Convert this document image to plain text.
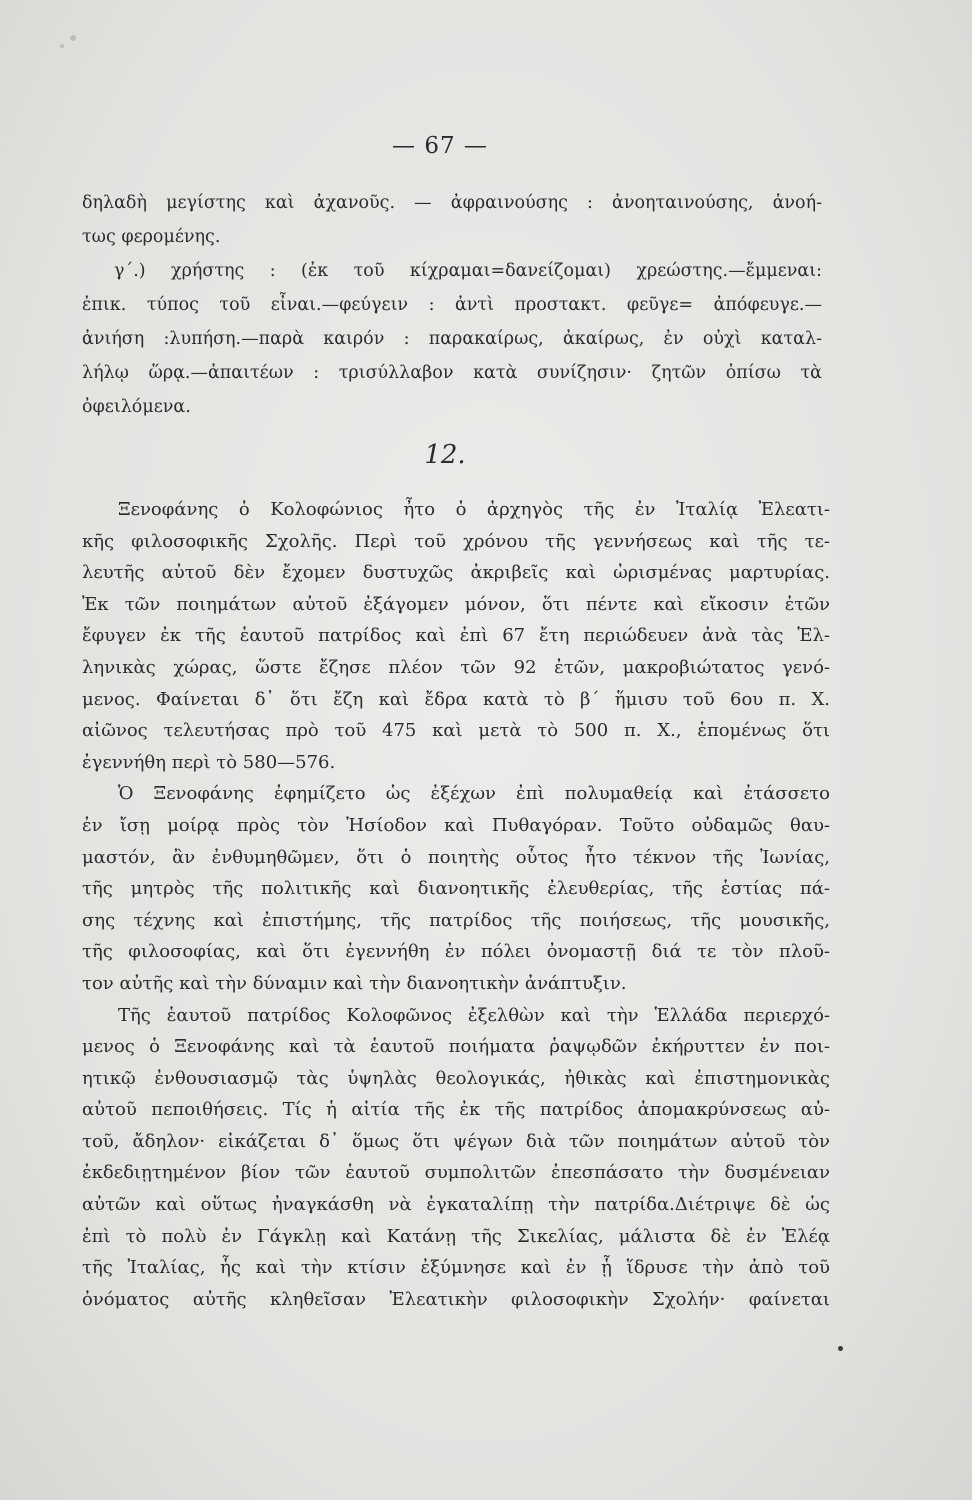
— 67 —
δηλαδὴ μεγίστης καὶ ἀχανοῦς. — ἀφραινούσης : ἀνοηταινούσης, ἀνοή-
τως φερομένης.
γ΄.) χρήστης : (ἐκ τοῦ κίχραμαι=δανείζομαι) χρεώστης.—ἔμμεναι:
ἐπικ. τύπος τοῦ εἶναι.—φεύγειν : ἀντὶ προστακτ. φεῦγε= ἀπόφευγε.—
ἀνιήση :λυπήση.—παρὰ καιρόν : παρακαίρως, ἀκαίρως, ἐν οὐχὶ καταλ-
λήλῳ ὥρᾳ.—ἀπαιτέων : τρισύλλαβον κατὰ συνίζησιν· ζητῶν ὀπίσω τὰ
ὀφειλόμενα.
12.
Ξενοφάνης ὁ Κολοφώνιος ἦτο ὁ ἀρχηγὸς τῆς ἐν Ἰταλίᾳ Ἐλεατι-
κῆς φιλοσοφικῆς Σχολῆς. Περὶ τοῦ χρόνου τῆς γεννήσεως καὶ τῆς τε-
λευτῆς αὐτοῦ δὲν ἔχομεν δυστυχῶς ἀκριβεῖς καὶ ὡρισμένας μαρτυρίας.
Ἐκ τῶν ποιημάτων αὐτοῦ ἐξάγομεν μόνον, ὅτι πέντε καὶ εἴκοσιν ἐτῶν
ἔφυγεν ἐκ τῆς ἑαυτοῦ πατρίδος καὶ ἐπὶ 67 ἔτη περιώδευεν ἀνὰ τὰς Ἑλ-
ληνικὰς χώρας, ὥστε ἔζησε πλέον τῶν 92 ἐτῶν, μακροβιώτατος γενό-
μενος. Φαίνεται δ᾽ ὅτι ἔζη καὶ ἔδρα κατὰ τὸ β΄ ἥμισυ τοῦ 6ου π. Χ.
αἰῶνος τελευτήσας πρὸ τοῦ 475 καὶ μετὰ τὸ 500 π. Χ., ἑπομένως ὅτι
ἐγεννήθη περὶ τὸ 580—576.
Ὁ Ξενοφάνης ἐφημίζετο ὡς ἐξέχων ἐπὶ πολυμαθείᾳ καὶ ἐτάσσετο
ἐν ἴσῃ μοίρᾳ πρὸς τὸν Ἡσίοδον καὶ Πυθαγόραν. Τοῦτο οὐδαμῶς θαυ-
μαστόν, ἂν ἐνθυμηθῶμεν, ὅτι ὁ ποιητὴς οὗτος ἦτο τέκνον τῆς Ἰωνίας,
τῆς μητρὸς τῆς πολιτικῆς καὶ διανοητικῆς ἐλευθερίας, τῆς ἑστίας πά-
σης τέχνης καὶ ἐπιστήμης, τῆς πατρίδος τῆς ποιήσεως, τῆς μουσικῆς,
τῆς φιλοσοφίας, καὶ ὅτι ἐγεννήθη ἐν πόλει ὀνομαστῇ διά τε τὸν πλοῦ-
τον αὐτῆς καὶ τὴν δύναμιν καὶ τὴν διανοητικὴν ἀνάπτυξιν.
Τῆς ἑαυτοῦ πατρίδος Κολοφῶνος ἐξελθὼν καὶ τὴν Ἑλλάδα περιερχό-
μενος ὁ Ξενοφάνης καὶ τὰ ἑαυτοῦ ποιήματα ῥαψῳδῶν ἐκήρυττεν ἐν ποι-
ητικῷ ἐνθουσιασμῷ τὰς ὑψηλὰς θεολογικάς, ἠθικὰς καὶ ἐπιστημονικὰς
αὐτοῦ πεποιθήσεις. Τίς ἡ αἰτία τῆς ἐκ τῆς πατρίδος ἀπομακρύνσεως αὐ-
τοῦ, ἄδηλον· εἰκάζεται δ᾽ ὅμως ὅτι ψέγων διὰ τῶν ποιημάτων αὐτοῦ τὸν
ἐκδεδιῃτημένον βίον τῶν ἑαυτοῦ συμπολιτῶν ἐπεσπάσατο τὴν δυσμένειαν
αὐτῶν καὶ οὕτως ἠναγκάσθη νὰ ἐγκαταλίπῃ τὴν πατρίδα.Διέτριψε δὲ ὡς
ἐπὶ τὸ πολὺ ἐν Γάγκλῃ καὶ Κατάνῃ τῆς Σικελίας, μάλιστα δὲ ἐν Ἐλέᾳ
τῆς Ἰταλίας, ἧς καὶ τὴν κτίσιν ἐξύμνησε καὶ ἐν ᾗ ἵδρυσε τὴν ἀπὸ τοῦ
ὀνόματος αὐτῆς κληθεῖσαν Ἐλεατικὴν φιλοσοφικὴν Σχολήν· φαίνεται
